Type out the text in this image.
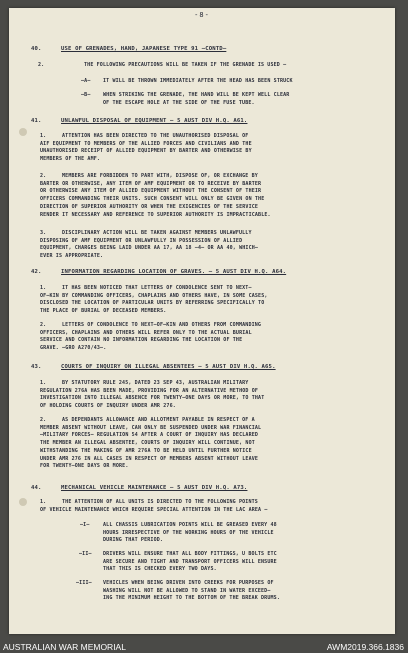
-8-
40.	USE OF GRENADES, HAND, JAPANESE TYPE 91 –CONTD–
2.	THE FOLLOWING PRECAUTIONS WILL BE TAKEN IF THE GRENADE IS USED –
–A–	IT WILL BE THROWN IMMEDIATELY AFTER THE HEAD HAS BEEN STRUCK
–B–	WHEN STRIKING THE GRENADE, THE HAND WILL BE KEPT WELL CLEAR
OF THE ESCAPE HOLE AT THE SIDE OF THE FUSE TUBE.
41.	UNLAWFUL DISPOSAL OF EQUIPMENT – 5 AUST DIV H.Q. A61.
1.	ATTENTION HAS BEEN DIRECTED TO THE UNAUTHORISED DISPOSAL OF
AIF EQUIPMENT TO MEMBERS OF THE ALLIED FORCES AND CIVILIANS AND THE
UNAUTHORISED RECEIPT OF ALLIED EQUIPMENT BY BARTER AND OTHERWISE BY
MEMBERS OF THE AMF.
2.	MEMBERS ARE FORBIDDEN TO PART WITH, DISPOSE OF, OR EXCHANGE BY
BARTER OR OTHERWISE, ANY ITEM OF AMF EQUIPMENT OR TO RECEIVE BY BARTER
OR OTHERWISE ANY ITEM OF ALLIED EQUIPMENT WITHOUT THE CONSENT OF THEIR
OFFICERS COMMANDING THEIR UNITS. SUCH CONSENT WILL ONLY BE GIVEN ON THE
DIRECTION OF SUPERIOR AUTHORITY OR WHEN THE EXIGENCIES OF THE SERVICE
RENDER IT NECESSARY AND REFERENCE TO SUPERIOR AUTHORITY IS IMPRACTICABLE.
3.	DISCIPLINARY ACTION WILL BE TAKEN AGAINST MEMBERS UNLAWFULLY
DISPOSING OF AMF EQUIPMENT OR UNLAWFULLY IN POSSESSION OF ALLIED
EQUIPMENT, CHARGES BEING LAID UNDER AA 17, AA 18 –4– OR AA 40, WHICH–
EVER IS APPROPRIATE.
42.	INFORMATION REGARDING LOCATION OF GRAVES. – 5 AUST DIV H.Q. A64.
1.	IT HAS BEEN NOTICED THAT LETTERS OF CONDOLENCE SENT TO NEXT–
OF–KIN BY COMMANDING OFFICERS, CHAPLAINS AND OTHERS HAVE, IN SOME CASES,
DISCLOSED THE LOCATION OF PARTICULAR UNITS BY REFERRING SPECIFICALLY TO
THE PLACE OF BURIAL OF DECEASED MEMBERS.
2.	LETTERS OF CONDOLENCE TO NEXT–OF–KIN AND OTHERS FROM COMMANDING
OFFICERS, CHAPLAINS AND OTHERS WILL REFER ONLY TO THE ACTUAL BURIAL
SERVICE AND CONTAIN NO INFORMATION REGARDING THE LOCATION OF THE
GRAVE. –GRO A270/43–.
43.	COURTS OF INQUIRY ON ILLEGAL ABSENTEES – 5 AUST DIV H.Q. A65.
1.	BY STATUTORY RULE 245, DATED 23 SEP 43, AUSTRALIAN MILITARY
REGULATION 276A HAS BEEN MADE, PROVIDING FOR AN ALTERNATIVE METHOD OF
INVESTIGATION INTO ILLEGAL ABSENCE FOR TWENTY–ONE DAYS OR MORE, TO THAT
OF HOLDING COURTS OF INQUIRY UNDER AMR 276.
2.	AS DEPENDANTS ALLOWANCE AND ALLOTMENT PAYABLE IN RESPECT OF A
MEMBER ABSENT WITHOUT LEAVE, CAN ONLY BE SUSPENDED UNDER WAR FINANCIAL
–MILITARY FORCES– REGULATION 54 AFTER A COURT OF INQUIRY HAS DECLARED
THE MEMBER AN ILLEGAL ABSENTEE, COURTS OF INQUIRY WILL CONTINUE, NOT
WITHSTANDING THE MAKING OF AMR 276A TO BE HELD UNTIL FURTHER NOTICE
UNDER AMR 276 IN ALL CASES IN RESPECT OF MEMBERS ABSENT WITHOUT LEAVE
FOR TWENTY–ONE DAYS OR MORE.
44.	MECHANICAL VEHICLE MAINTENANCE – 5 AUST DIV H.Q. A73.
1.	THE ATTENTION OF ALL UNITS IS DIRECTED TO THE FOLLOWING POINTS
OF VEHICLE MAINTENANCE WHICH REQUIRE SPECIAL ATTENTION IN THE LAC AREA –
–I–	ALL CHASSIS LUBRICATION POINTS WILL BE GREASED EVERY 48
HOURS IRRESPECTIVE OF THE WORKING HOURS OF THE VEHICLE
DURING THAT PERIOD.
–II– DRIVERS WILL ENSURE THAT ALL BODY FITTINGS, U BOLTS ETC
ARE SECURE AND TIGHT AND TRANSPORT OFFICERS WILL ENSURE
THAT THIS IS CHECKED EVERY TWO DAYS.
–III– VEHICLES WHEN BEING DRIVEN INTO CREEKS FOR PURPOSES OF
WASHING WILL NOT BE ALLOWED TO STAND IN WATER EXCEED–
ING THE MINIMUM HEIGHT TO THE BOTTOM OF THE BREAK DRUMS.
AUSTRALIAN WAR MEMORIAL	AWM2019.366.1836
